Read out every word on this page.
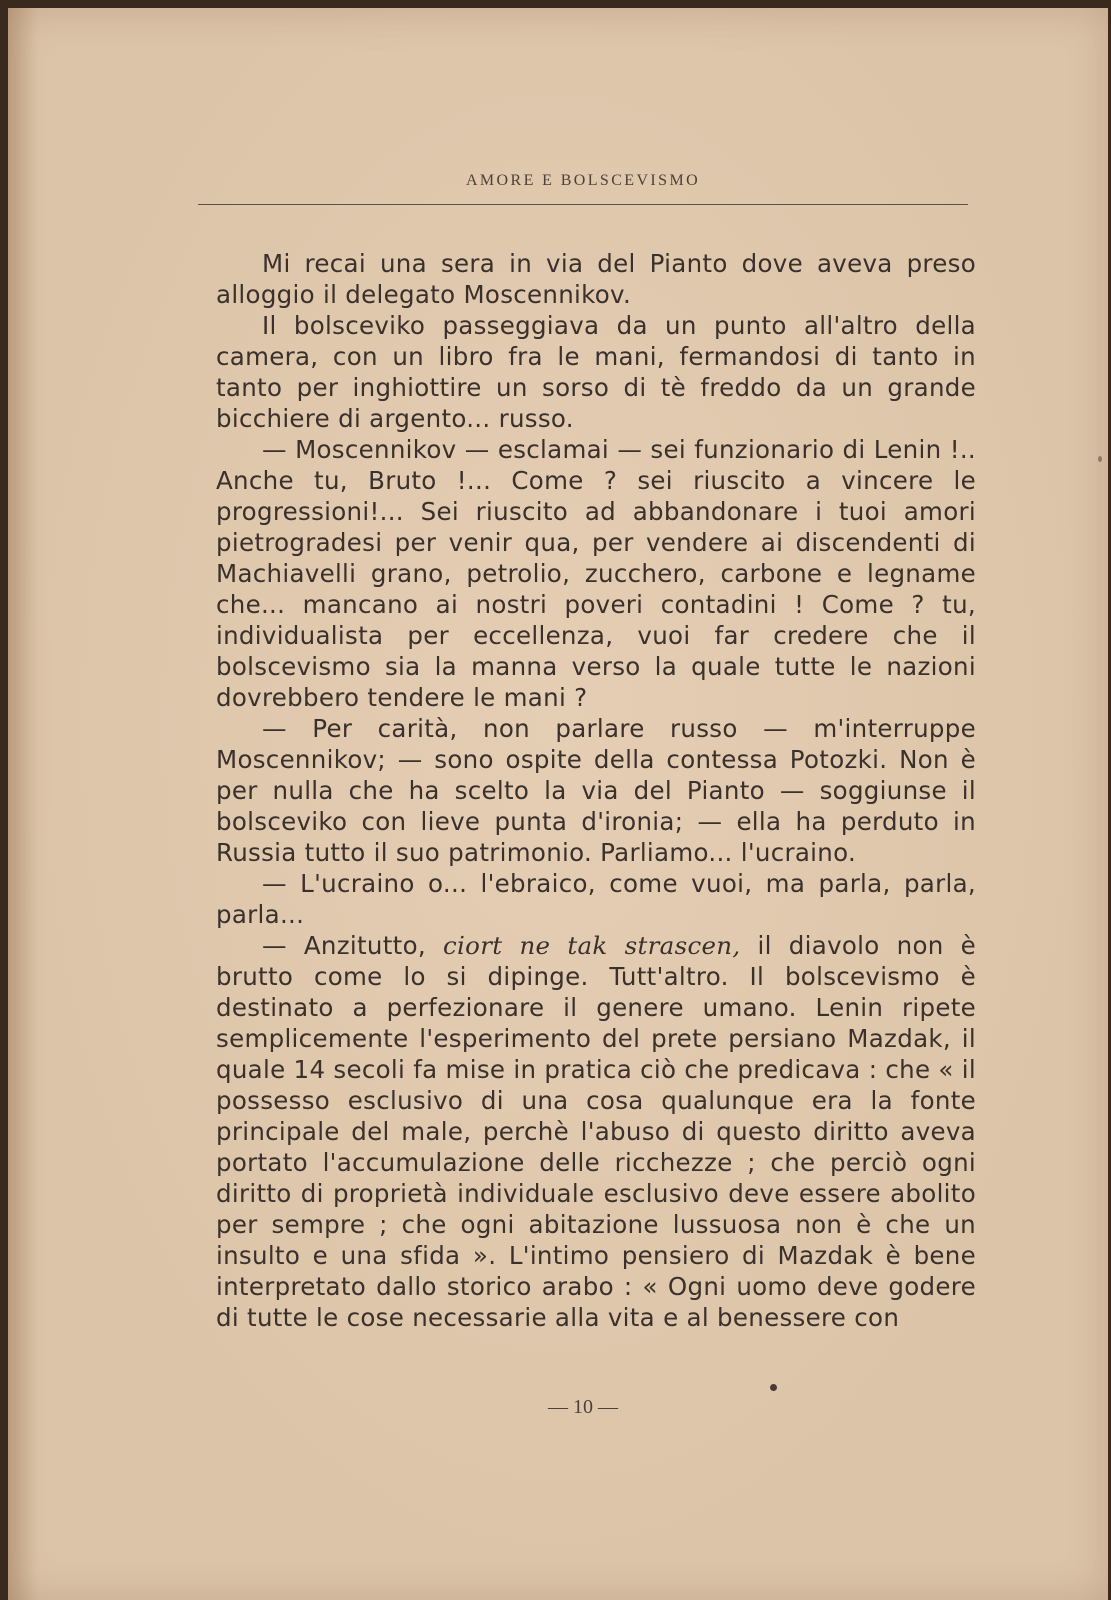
AMORE E BOLSCEVISMO

Mi recai una sera in via del Pianto dove aveva preso alloggio il delegato Moscennikov.

Il bolsceviko passeggiava da un punto all'altro della camera, con un libro fra le mani, fermandosi di tanto in tanto per inghiottire un sorso di tè freddo da un grande bicchiere di argento... russo.

— Moscennikov — esclamai — sei funzionario di Lenin !.. Anche tu, Bruto !... Come ? sei riuscito a vincere le progressioni!... Sei riuscito ad abbandonare i tuoi amori pietrogradesi per venir qua, per vendere ai discendenti di Machiavelli grano, petrolio, zucchero, carbone e legname che... mancano ai nostri poveri contadini ! Come ? tu, individualista per eccellenza, vuoi far credere che il bolscevismo sia la manna verso la quale tutte le nazioni dovrebbero tendere le mani ?

— Per carità, non parlare russo — m'interruppe Moscennikov; — sono ospite della contessa Potozki. Non è per nulla che ha scelto la via del Pianto — soggiunse il bolsceviko con lieve punta d'ironia; — ella ha perduto in Russia tutto il suo patrimonio. Parliamo... l'ucraino.

— L'ucraino o... l'ebraico, come vuoi, ma parla, parla, parla...

— Anzitutto, ciort ne tak strascen, il diavolo non è brutto come lo si dipinge. Tutt'altro. Il bolscevismo è destinato a perfezionare il genere umano. Lenin ripete semplicemente l'esperimento del prete persiano Mazdak, il quale 14 secoli fa mise in pratica ciò che predicava : che « il possesso esclusivo di una cosa qualunque era la fonte principale del male, perchè l'abuso di questo diritto aveva portato l'accumulazione delle ricchezze ; che perciò ogni diritto di proprietà individuale esclusivo deve essere abolito per sempre ; che ogni abitazione lussuosa non è che un insulto e una sfida ». L'intimo pensiero di Mazdak è bene interpretato dallo storico arabo : « Ogni uomo deve godere di tutte le cose necessarie alla vita e al benessere con

— 10 —
